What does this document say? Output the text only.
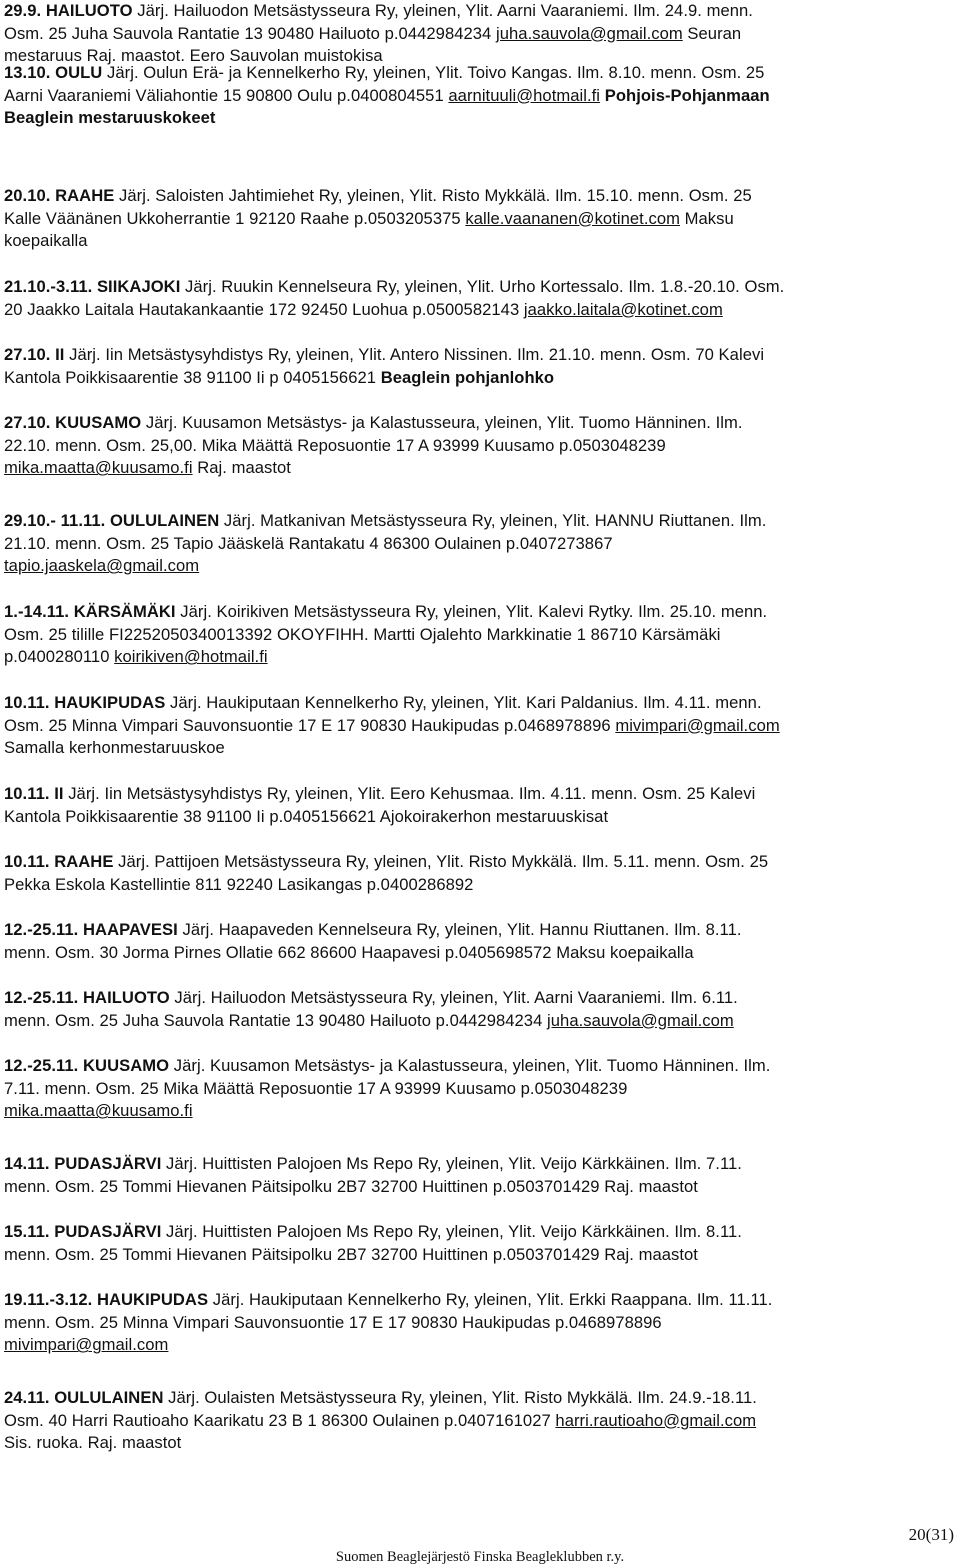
29.9. HAILUOTO Järj. Hailuodon Metsästysseura Ry, yleinen, Ylit. Aarni Vaaraniemi. Ilm. 24.9. menn.
Osm. 25 Juha Sauvola Rantatie 13 90480 Hailuoto p.0442984234 juha.sauvola@gmail.com Seuran
mestaruus Raj. maastot. Eero Sauvolan muistokisa
13.10. OULU Järj. Oulun Erä- ja Kennelkerho Ry, yleinen, Ylit. Toivo Kangas. Ilm. 8.10. menn. Osm. 25
Aarni Vaaraniemi Väliahontie 15 90800 Oulu p.0400804551 aarnituuli@hotmail.fi Pohjois-Pohjanmaan
Beaglein mestaruuskokeet
20.10. RAAHE Järj. Saloisten Jahtimiehet Ry, yleinen, Ylit. Risto Mykkälä. Ilm. 15.10. menn. Osm. 25
Kalle Väänänen Ukkoherrantie 1 92120 Raahe p.0503205375 kalle.vaananen@kotinet.com Maksu
koepaikalla
21.10.-3.11. SIIKAJOKI Järj. Ruukin Kennelseura Ry, yleinen, Ylit. Urho Kortessalo. Ilm. 1.8.-20.10. Osm.
20 Jaakko Laitala Hautakankaantie 172 92450 Luohua p.0500582143 jaakko.laitala@kotinet.com
27.10. II Järj. Iin Metsästysyhdistys Ry, yleinen, Ylit. Antero Nissinen. Ilm. 21.10. menn. Osm. 70 Kalevi
Kantola Poikkisaarentie 38 91100 Ii p 0405156621 Beaglein pohjanlohko
27.10. KUUSAMO Järj. Kuusamon Metsästys- ja Kalastusseura, yleinen, Ylit. Tuomo Hänninen. Ilm.
22.10. menn. Osm. 25,00. Mika Määttä Reposuontie 17 A 93999 Kuusamo p.0503048239
mika.maatta@kuusamo.fi Raj. maastot
29.10.- 11.11. OULULAINEN Järj. Matkanivan Metsästysseura Ry, yleinen, Ylit. HANNU Riuttanen. Ilm.
21.10. menn. Osm. 25 Tapio Jääskelä Rantakatu 4 86300 Oulainen p.0407273867
tapio.jaaskela@gmail.com
1.-14.11. KÄRSÄMÄKI Järj. Koirikiven Metsästysseura Ry, yleinen, Ylit. Kalevi Rytky. Ilm. 25.10. menn.
Osm. 25 tilille FI2252050340013392 OKOYFIHH. Martti Ojalehto Markkinatie 1 86710 Kärsämäki
p.0400280110 koirikiven@hotmail.fi
10.11. HAUKIPUDAS Järj. Haukiputaan Kennelkerho Ry, yleinen, Ylit. Kari Paldanius. Ilm. 4.11. menn.
Osm. 25 Minna Vimpari Sauvonsuontie 17 E 17 90830 Haukipudas p.0468978896 mivimpari@gmail.com
Samalla kerhonmestaruuskoe
10.11. II Järj. Iin Metsästysyhdistys Ry, yleinen, Ylit. Eero Kehusmaa. Ilm. 4.11. menn. Osm. 25 Kalevi
Kantola Poikkisaarentie 38 91100 Ii p.0405156621 Ajokoirakerhon mestaruuskisat
10.11. RAAHE Järj. Pattijoen Metsästysseura Ry, yleinen, Ylit. Risto Mykkälä. Ilm. 5.11. menn. Osm. 25
Pekka Eskola Kastellintie 811 92240 Lasikangas p.0400286892
12.-25.11. HAAPAVESI Järj. Haapaveden Kennelseura Ry, yleinen, Ylit. Hannu Riuttanen. Ilm. 8.11.
menn. Osm. 30 Jorma Pirnes Ollatie 662 86600 Haapavesi p.0405698572 Maksu koepaikalla
12.-25.11. HAILUOTO Järj. Hailuodon Metsästysseura Ry, yleinen, Ylit. Aarni Vaaraniemi. Ilm. 6.11.
menn. Osm. 25 Juha Sauvola Rantatie 13 90480 Hailuoto p.0442984234 juha.sauvola@gmail.com
12.-25.11. KUUSAMO Järj. Kuusamon Metsästys- ja Kalastusseura, yleinen, Ylit. Tuomo Hänninen. Ilm.
7.11. menn. Osm. 25 Mika Määttä Reposuontie 17 A 93999 Kuusamo p.0503048239
mika.maatta@kuusamo.fi
14.11. PUDASJÄRVI Järj. Huittisten Palojoen Ms Repo Ry, yleinen, Ylit. Veijo Kärkkäinen. Ilm. 7.11.
menn. Osm. 25 Tommi Hievanen Päitsipolku 2B7 32700 Huittinen p.0503701429 Raj. maastot
15.11. PUDASJÄRVI Järj. Huittisten Palojoen Ms Repo Ry, yleinen, Ylit. Veijo Kärkkäinen. Ilm. 8.11.
menn. Osm. 25 Tommi Hievanen Päitsipolku 2B7 32700 Huittinen p.0503701429 Raj. maastot
19.11.-3.12. HAUKIPUDAS Järj. Haukiputaan Kennelkerho Ry, yleinen, Ylit. Erkki Raappana. Ilm. 11.11.
menn. Osm. 25 Minna Vimpari Sauvonsuontie 17 E 17 90830 Haukipudas p.0468978896
mivimpari@gmail.com
24.11. OULULAINEN Järj. Oulaisten Metsästysseura Ry, yleinen, Ylit. Risto Mykkälä. Ilm. 24.9.-18.11.
Osm. 40 Harri Rautioaho Kaarikatu 23 B 1 86300 Oulainen p.0407161027 harri.rautioaho@gmail.com
Sis. ruoka. Raj. maastot
20(31)
Suomen Beaglejärjestö Finska Beagleklubben r.y.
